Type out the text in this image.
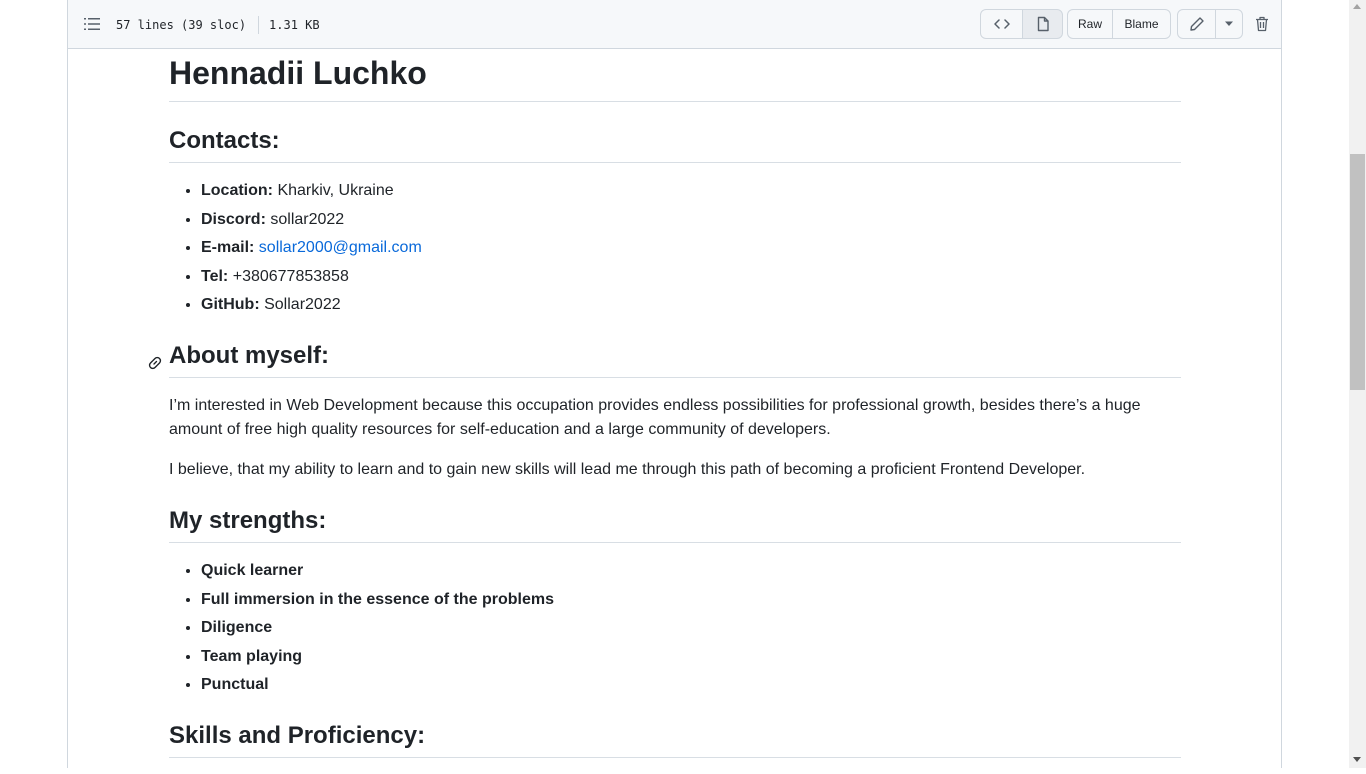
57 lines (39 sloc) 1.31 KB	Raw	Blame
Hennadii Luchko
Contacts:
• Location: Kharkiv, Ukraine
• Discord: sollar2022
• E-mail: sollar2000@gmail.com
• Tel: +380677853858
• GitHub: Sollar2022
About myself:

I’m interested in Web Development because this occupation provides endless possibilities for professional growth, besides there’s a huge amount of free high quality resources for self-education and a large community of developers.

I believe, that my ability to learn and to gain new skills will lead me through this path of becoming a proficient Frontend Developer.

My strengths:
• Quick learner
• Full immersion in the essence of the problems
• Diligence
• Team playing
• Punctual
Skills and Proficiency:
